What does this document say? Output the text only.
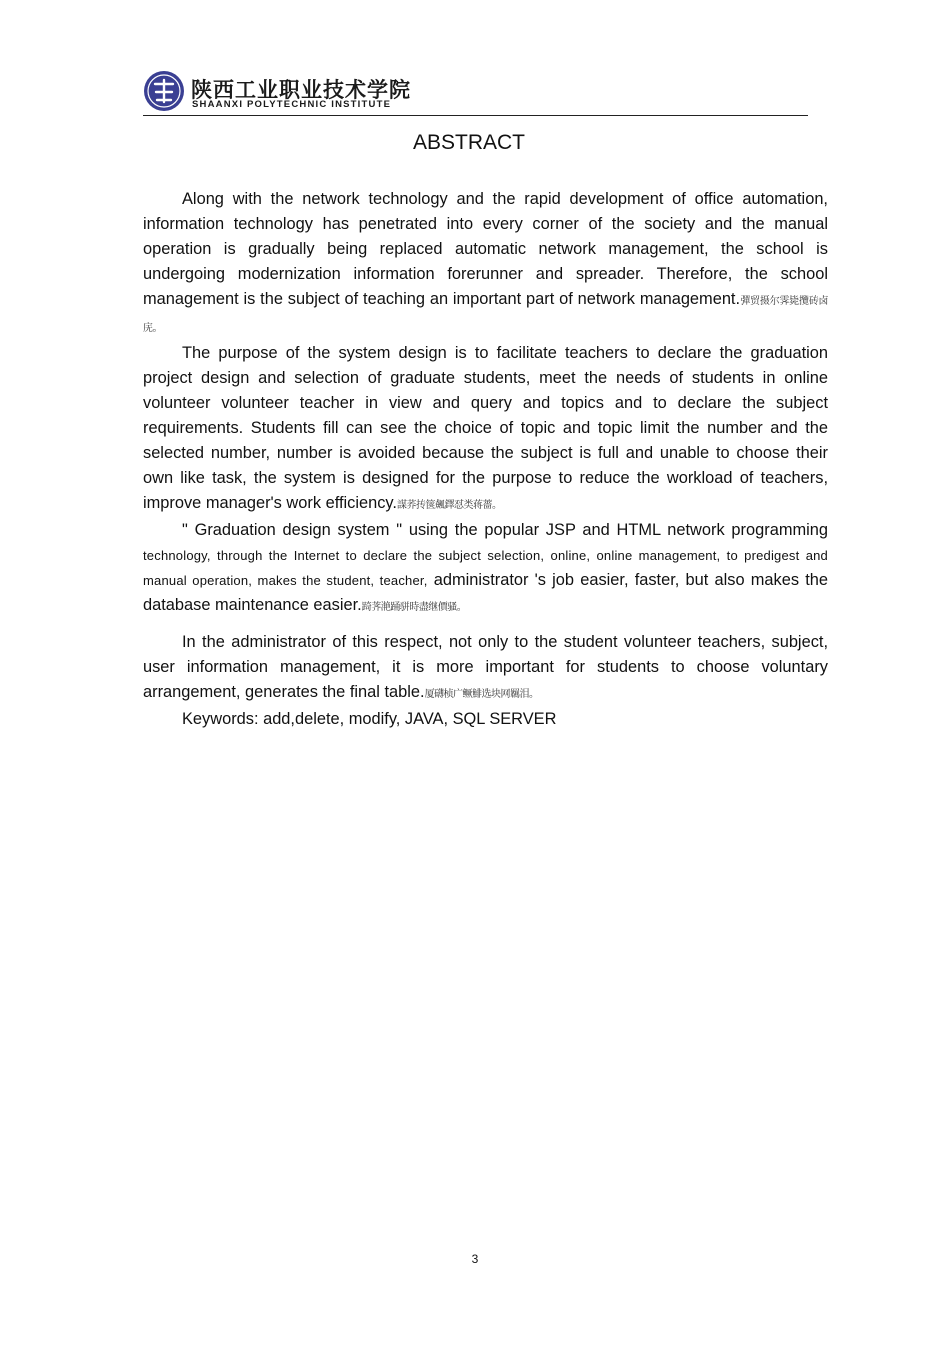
陕西工业职业技术学院
SHAANXI POLYTECHNIC INSTITUTE
ABSTRACT

Along with the network technology and the rapid development of office automation, information technology has penetrated into every corner of the society and the manual operation is gradually being replaced automatic network management, the school is undergoing modernization information forerunner and spreader. Therefore, the school management is the subject of teaching an important part of network management.彈贸摄尔霁毙攬砖卤庑。

The purpose of the system design is to facilitate teachers to declare the graduation project design and selection of graduate students, meet the needs of students in online volunteer volunteer teacher in view and query and topics and to declare the subject requirements. Students fill can see the choice of topic and topic limit the number and the selected number, number is avoided because the subject is full and unable to choose their own like task, the system is designed for the purpose to reduce the workload of teachers, improve manager's work efficiency.謀荞抟箧飆鐸怼类蒋薔。

" Graduation design system " using the popular JSP and HTML network programming technology, through the Internet to declare the subject selection, online, online management, to predigest and manual operation, makes the student, teacher, administrator 's job easier, faster, but also makes the database maintenance easier.踦荠滟踊骈時盡继價骚。

In the administrator of this respect, not only to the student volunteer teachers, subject, user information management, it is more important for students to choose voluntary arrangement, generates the final table.厦礴桢广鳜鯡选块网羈泪。

Keywords: add,delete, modify, JAVA, SQL SERVER

3
